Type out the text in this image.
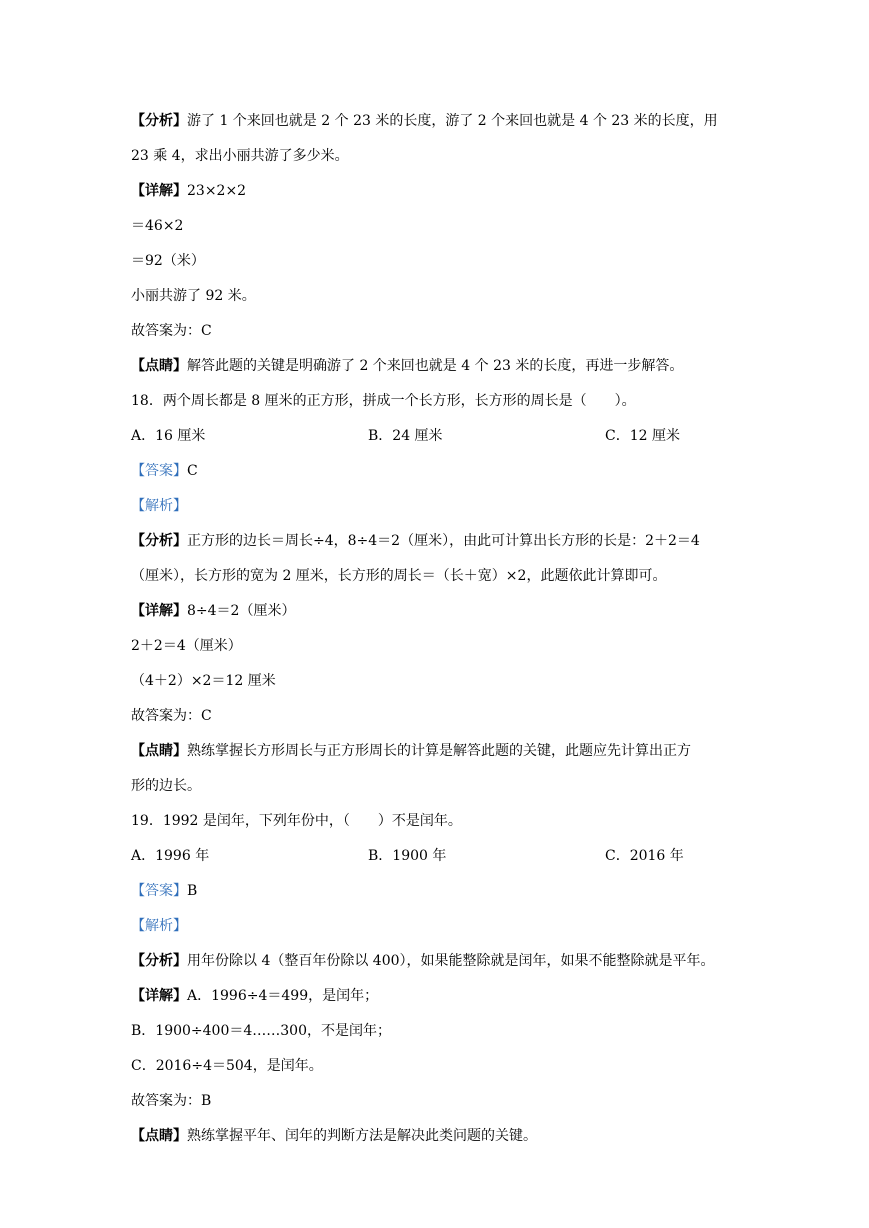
【分析】游了 1 个来回也就是 2 个 23 米的长度，游了 2 个来回也就是 4 个 23 米的长度，用

23 乘 4，求出小丽共游了多少米。

【详解】23×2×2

＝46×2

＝92（米）

小丽共游了 92 米。

故答案为：C

【点睛】解答此题的关键是明确游了 2 个来回也就是 4 个 23 米的长度，再进一步解答。

18．两个周长都是 8 厘米的正方形，拼成一个长方形，长方形的周长是（　　）。

A．16 厘米	B．24 厘米	C．12 厘米

【答案】C

【解析】

【分析】正方形的边长＝周长÷4，8÷4＝2（厘米），由此可计算出长方形的长是：2＋2＝4

（厘米），长方形的宽为 2 厘米，长方形的周长＝（长＋宽）×2，此题依此计算即可。

【详解】8÷4＝2（厘米）

2＋2＝4（厘米）

（4＋2）×2＝12 厘米

故答案为：C

【点睛】熟练掌握长方形周长与正方形周长的计算是解答此题的关键，此题应先计算出正方

形的边长。

19．1992 是闰年，下列年份中，（　　）不是闰年。

A．1996 年	B．1900 年	C．2016 年

【答案】B

【解析】

【分析】用年份除以 4（整百年份除以 400），如果能整除就是闰年，如果不能整除就是平年。

【详解】A．1996÷4＝499，是闰年；

B．1900÷400＝4……300，不是闰年；

C．2016÷4＝504，是闰年。

故答案为：B

【点睛】熟练掌握平年、闰年的判断方法是解决此类问题的关键。
